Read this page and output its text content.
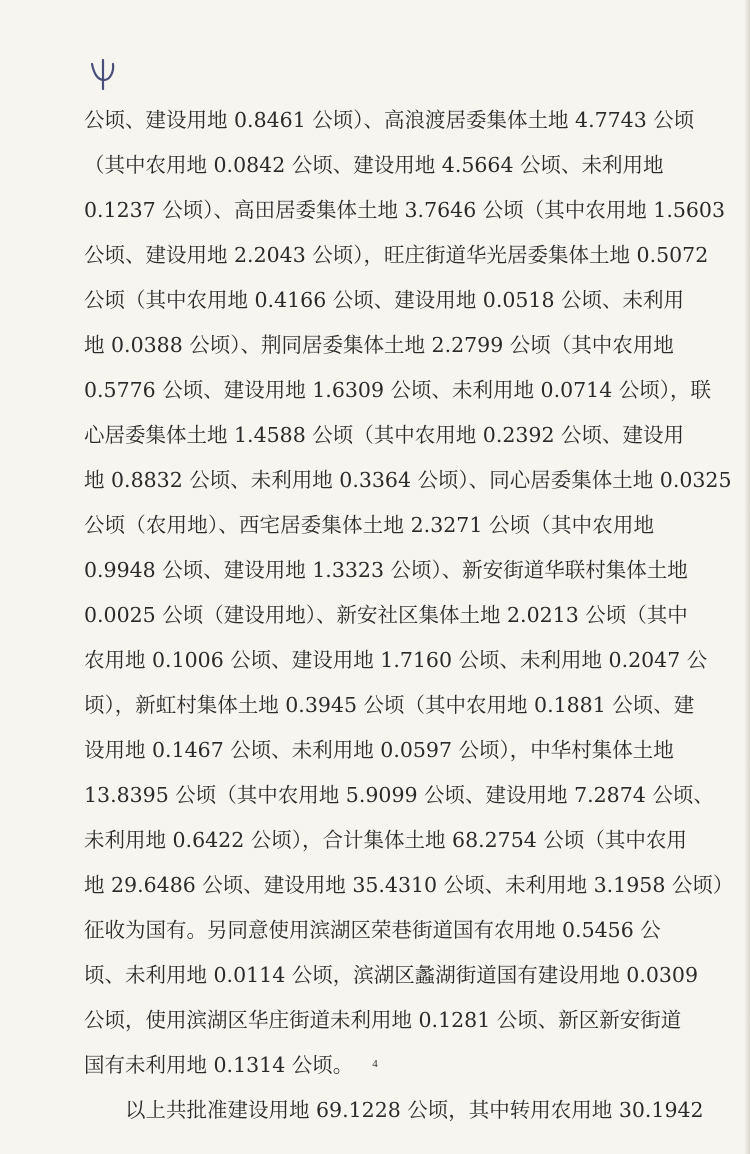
公顷、建设用地 0.8461 公顷）、高浪渡居委集体土地 4.7743 公顷
（其中农用地 0.0842 公顷、建设用地 4.5664 公顷、未利用地
0.1237 公顷）、高田居委集体土地 3.7646 公顷（其中农用地 1.5603
公顷、建设用地 2.2043 公顷），旺庄街道华光居委集体土地 0.5072
公顷（其中农用地 0.4166 公顷、建设用地 0.0518 公顷、未利用
地 0.0388 公顷）、荆同居委集体土地 2.2799 公顷（其中农用地
0.5776 公顷、建设用地 1.6309 公顷、未利用地 0.0714 公顷），联
心居委集体土地 1.4588 公顷（其中农用地 0.2392 公顷、建设用
地 0.8832 公顷、未利用地 0.3364 公顷）、同心居委集体土地 0.0325
公顷（农用地）、西宅居委集体土地 2.3271 公顷（其中农用地
0.9948 公顷、建设用地 1.3323 公顷）、新安街道华联村集体土地
0.0025 公顷（建设用地）、新安社区集体土地 2.0213 公顷（其中
农用地 0.1006 公顷、建设用地 1.7160 公顷、未利用地 0.2047 公
顷），新虹村集体土地 0.3945 公顷（其中农用地 0.1881 公顷、建
设用地 0.1467 公顷、未利用地 0.0597 公顷），中华村集体土地
13.8395 公顷（其中农用地 5.9099 公顷、建设用地 7.2874 公顷、
未利用地 0.6422 公顷），合计集体土地 68.2754 公顷（其中农用
地 29.6486 公顷、建设用地 35.4310 公顷、未利用地 3.1958 公顷）
征收为国有。另同意使用滨湖区荣巷街道国有农用地 0.5456 公
顷、未利用地 0.0114 公顷，滨湖区蠡湖街道国有建设用地 0.0309
公顷，使用滨湖区华庄街道未利用地 0.1281 公顷、新区新安街道
国有未利用地 0.1314 公顷。
以上共批准建设用地 69.1228 公顷，其中转用农用地 30.1942
4
